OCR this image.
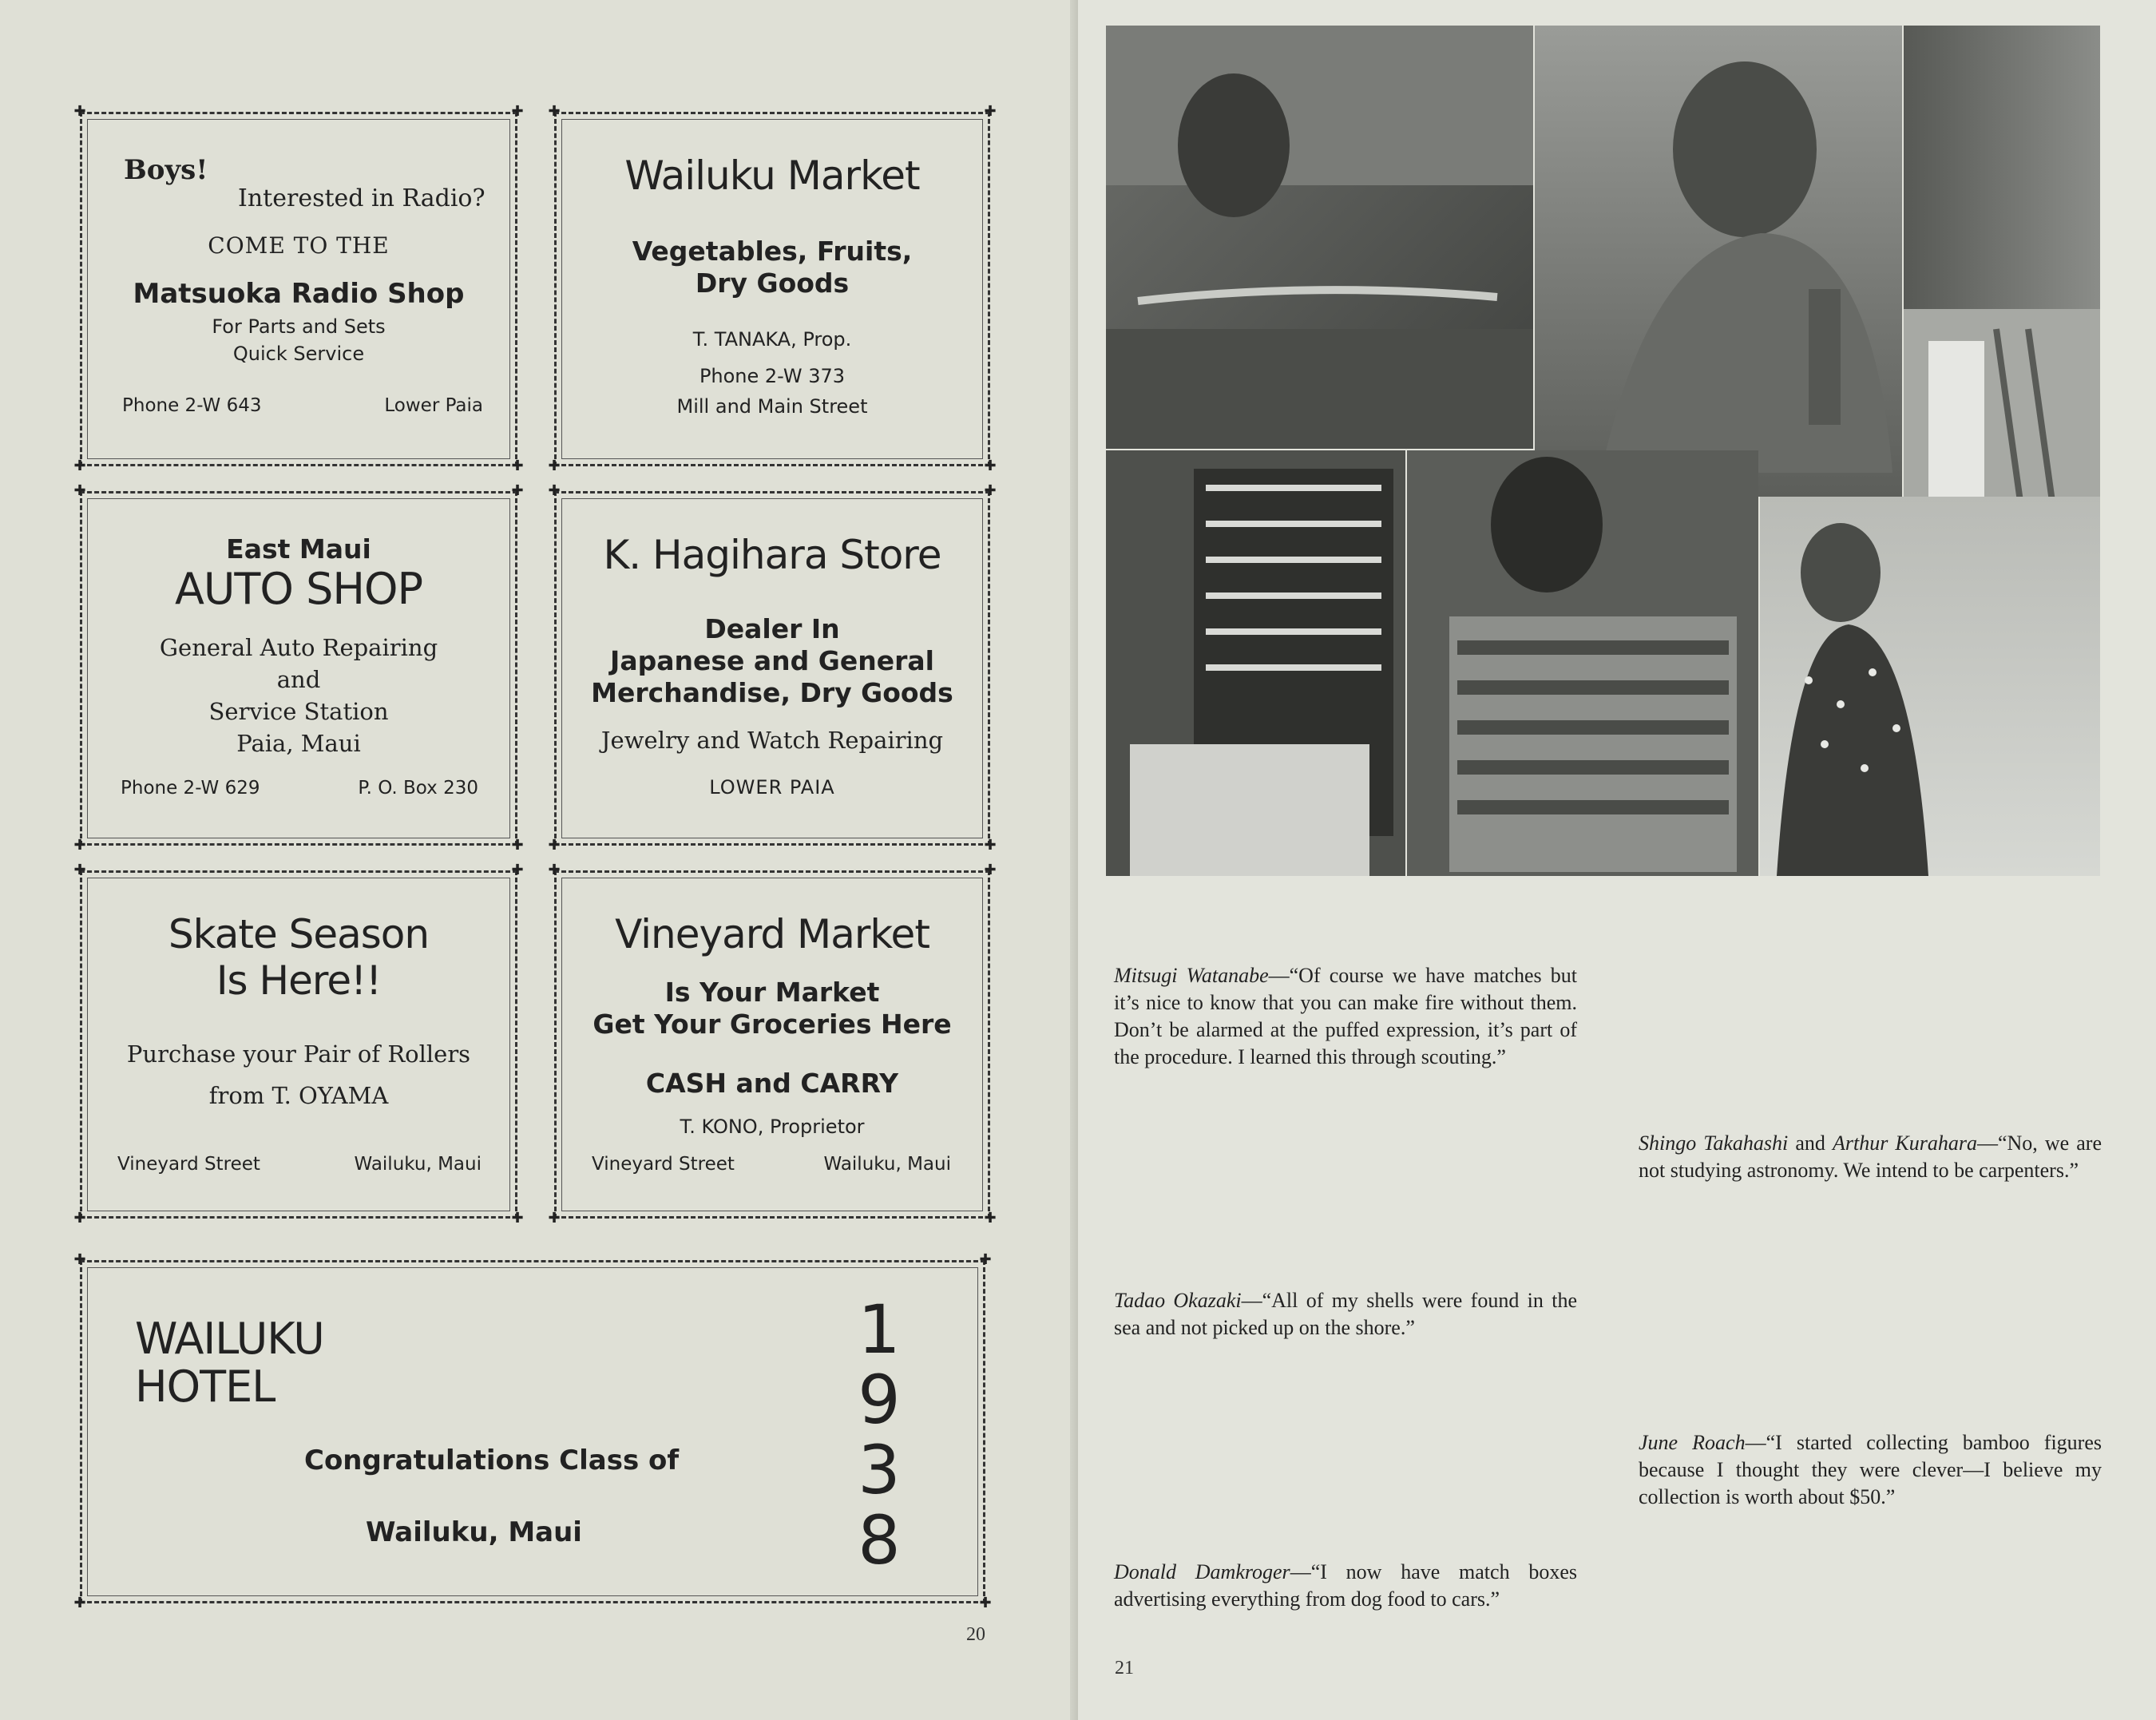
✚	✚
✚	✚
Boys!
Interested in Radio?
COME TO THE
Matsuoka Radio Shop
For Parts and Sets
Quick Service
Phone 2-W 643	Lower Paia
✚	✚
✚	✚
Wailuku Market
Vegetables, Fruits,
Dry Goods
T. TANAKA, Prop.
Phone 2-W 373
Mill and Main Street
✚	✚
✚	✚
East Maui
AUTO SHOP
General Auto Repairing
and
Service Station
Paia, Maui
Phone 2-W 629	P. O. Box 230
✚	✚
✚	✚
K. Hagihara Store
Dealer In
Japanese and General
Merchandise, Dry Goods
Jewelry and Watch Repairing
LOWER PAIA
✚	✚
✚	✚
Skate Season
Is Here!!
Purchase your Pair of Rollers
from T. OYAMA
Vineyard Street	Wailuku, Maui
✚	✚
✚	✚
Vineyard Market
Is Your Market
Get Your Groceries Here
CASH and CARRY
T. KONO, Proprietor
Vineyard Street	Wailuku, Maui
✚	✚
✚	✚
WAILUKU
HOTEL
Congratulations Class of
Wailuku, Maui
1
9
3
8
20
Mitsugi Watanabe—“Of course we have matches but it’s nice to know that you can make fire without them. Don’t be alarmed at the puffed expression, it’s part of the procedure. I learned this through scouting.”
Shingo Takahashi and Arthur Kurahara—“No, we are not studying astronomy. We intend to be carpenters.”
Tadao Okazaki—“All of my shells were found in the sea and not picked up on the shore.”
June Roach—“I started collecting bamboo figures because I thought they were clever—I believe my collection is worth about $50.”
Donald Damkroger—“I now have match boxes advertising everything from dog food to cars.”
21
